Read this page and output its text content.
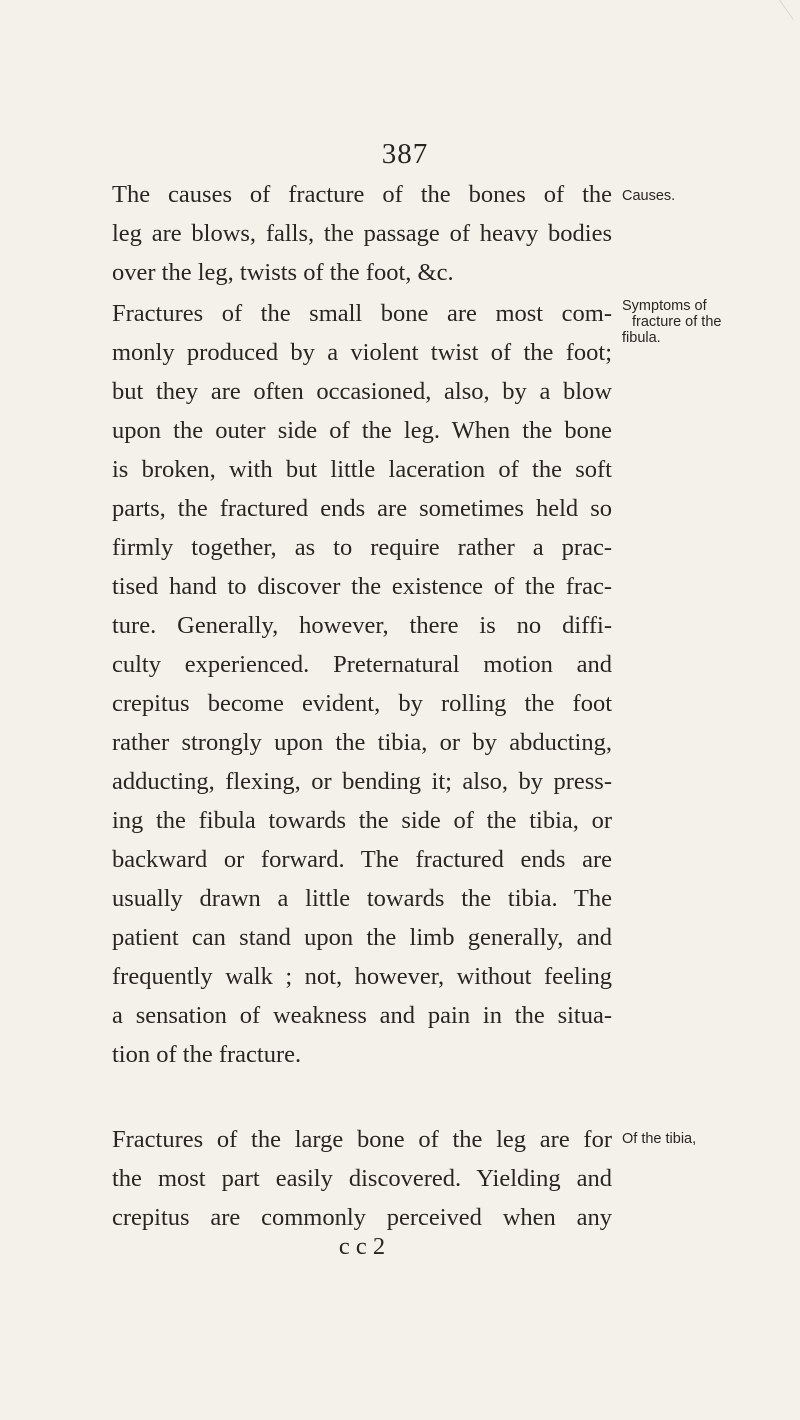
387
The causes of fracture of the bones of the
leg are blows, falls, the passage of heavy bodies
over the leg, twists of the foot, &c.
Fractures of the small bone are most com-
monly produced by a violent twist of the foot;
but they are often occasioned, also, by a blow
upon the outer side of the leg. When the bone
is broken, with but little laceration of the soft
parts, the fractured ends are sometimes held so
firmly together, as to require rather a prac-
tised hand to discover the existence of the frac-
ture. Generally, however, there is no diffi-
culty experienced. Preternatural motion and
crepitus become evident, by rolling the foot
rather strongly upon the tibia, or by abducting,
adducting, flexing, or bending it; also, by press-
ing the fibula towards the side of the tibia, or
backward or forward. The fractured ends are
usually drawn a little towards the tibia. The
patient can stand upon the limb generally, and
frequently walk ; not, however, without feeling
a sensation of weakness and pain in the situa-
tion of the fracture.
Fractures of the large bone of the leg are for
the most part easily discovered. Yielding and
crepitus are commonly perceived when any
c c 2
Causes.
Symptoms of
fracture of the
fibula.
Of the tibia,
